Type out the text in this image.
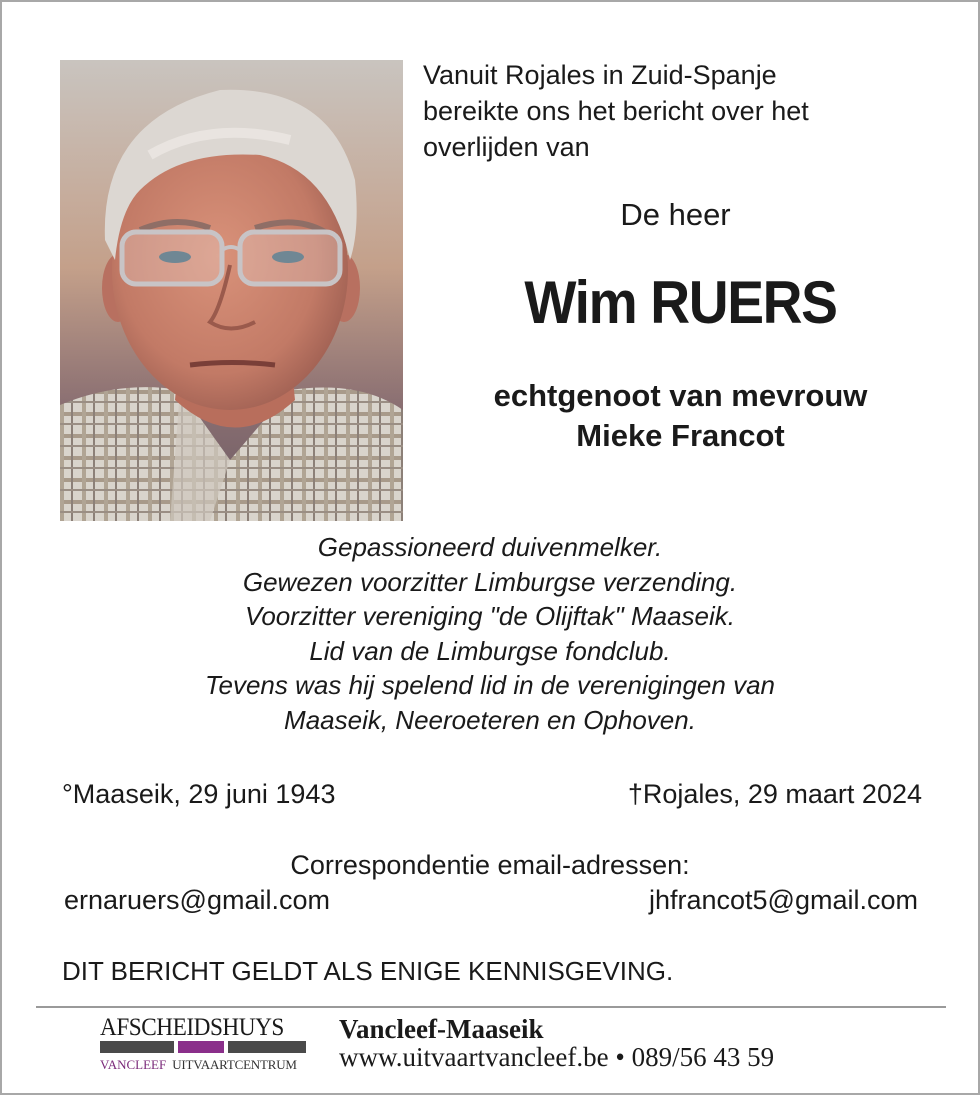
Vanuit Rojales in Zuid-Spanje
bereikte ons het bericht over het
overlijden van
De heer
Wim RUERS
echtgenoot van mevrouw
Mieke Francot
Gepassioneerd duivenmelker.
Gewezen voorzitter Limburgse verzending.
Voorzitter vereniging "de Olijftak" Maaseik.
Lid van de Limburgse fondclub.
Tevens was hij spelend lid in de verenigingen van
Maaseik, Neeroeteren en Ophoven.
°Maaseik, 29 juni 1943	†Rojales, 29 maart 2024
Correspondentie email-adressen:
ernaruers@gmail.com	jhfrancot5@gmail.com
DIT BERICHT GELDT ALS ENIGE KENNISGEVING.
AFSCHEIDSHUYS
VANCLEEF UITVAARTCENTRUM
Vancleef-Maaseik
www.uitvaartvancleef.be • 089/56 43 59
